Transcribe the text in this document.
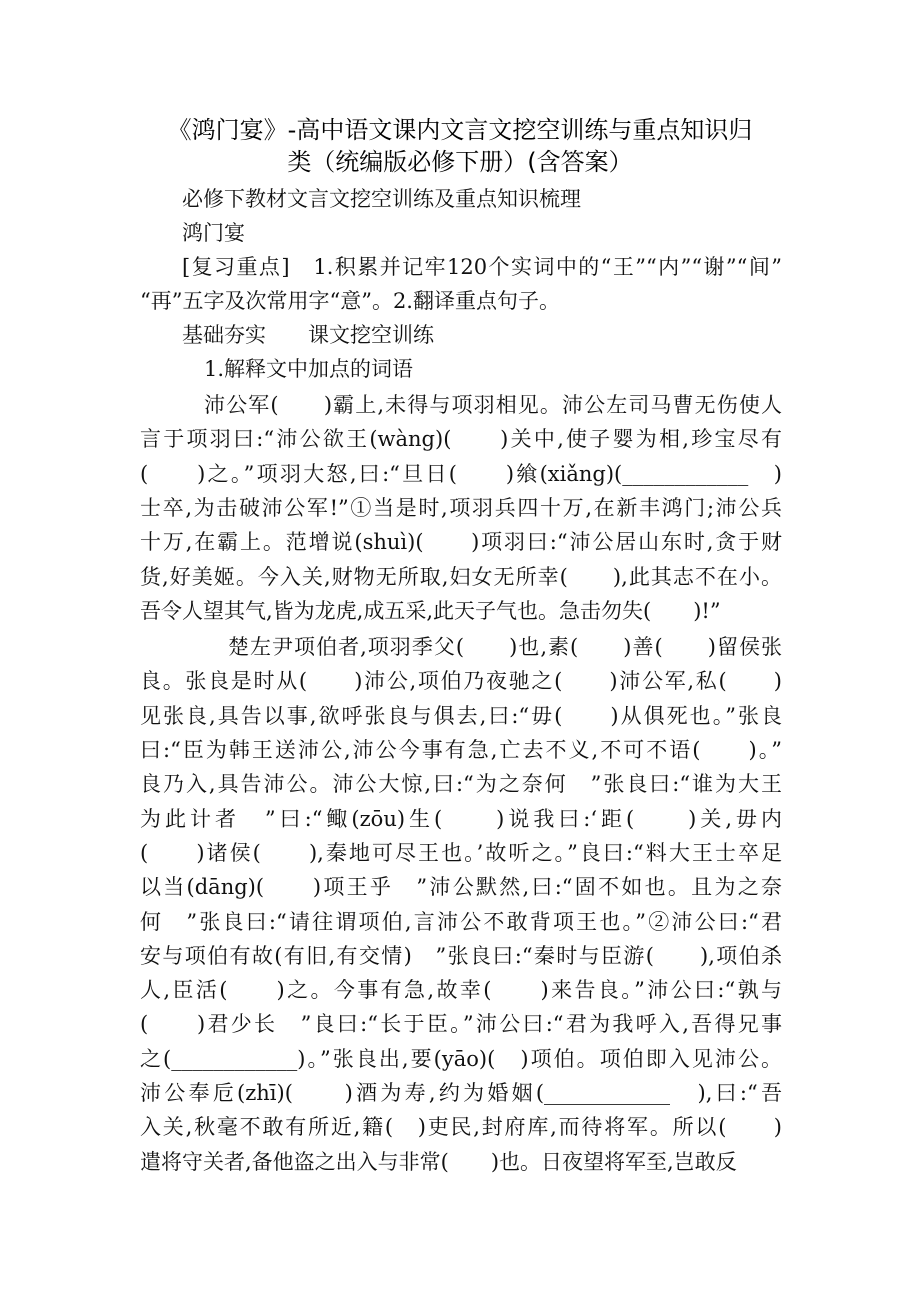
《鸿门宴》-高中语文课内文言文挖空训练与重点知识归
类（统编版必修下册）(含答案）
必修下教材文言文挖空训练及重点知识梳理
鸿门宴
[复习重点]　1.积累并记牢120个实词中的“王”“内”“谢”“间”
“再”五字及次常用字“意”。2.翻译重点句子。
基础夯实　　课文挖空训练
1.解释文中加点的词语
沛公军(　　)霸上,未得与项羽相见。沛公左司马曹无伤使人
言于项羽曰:“沛公欲王(wàng)(　　)关中,使子婴为相,珍宝尽有
(　　)之。”项羽大怒,曰:“旦日(　　)飨(xiǎng)(____________　)
士卒,为击破沛公军!”①当是时,项羽兵四十万,在新丰鸿门;沛公兵
十万,在霸上。范增说(shuì)(　　)项羽曰:“沛公居山东时,贪于财
货,好美姬。今入关,财物无所取,妇女无所幸(　　),此其志不在小。
吾令人望其气,皆为龙虎,成五采,此天子气也。急击勿失(　　)!”
楚左尹项伯者,项羽季父(　　)也,素(　　)善(　　)留侯张
良。张良是时从(　　)沛公,项伯乃夜驰之(　　)沛公军,私(　　)
见张良,具告以事,欲呼张良与俱去,曰:“毋(　　)从俱死也。”张良
曰:“臣为韩王送沛公,沛公今事有急,亡去不义,不可不语(　　)。”
良乃入,具告沛公。沛公大惊,曰:“为之奈何　”张良曰:“谁为大王
为此计者　”曰:“鲰(zōu)生(　　)说我曰:‘距(　　)关,毋内
(　　)诸侯(　　),秦地可尽王也。’故听之。”良曰:“料大王士卒足
以当(dāng)(　　)项王乎　”沛公默然,曰:“固不如也。且为之奈
何　”张良曰:“请往谓项伯,言沛公不敢背项王也。”②沛公曰:“君
安与项伯有故(有旧,有交情)　”张良曰:“秦时与臣游(　　),项伯杀
人,臣活(　　)之。今事有急,故幸(　　)来告良。”沛公曰:“孰与
(　　)君少长　”良曰:“长于臣。”沛公曰:“君为我呼入,吾得兄事
之(____________)。”张良出,要(yāo)(　)项伯。项伯即入见沛公。
沛公奉卮(zhī)(　　)酒为寿,约为婚姻(____________　),曰:“吾
入关,秋毫不敢有所近,籍(　)吏民,封府库,而待将军。所以(　　)
遣将守关者,备他盗之出入与非常(　　)也。日夜望将军至,岂敢反
